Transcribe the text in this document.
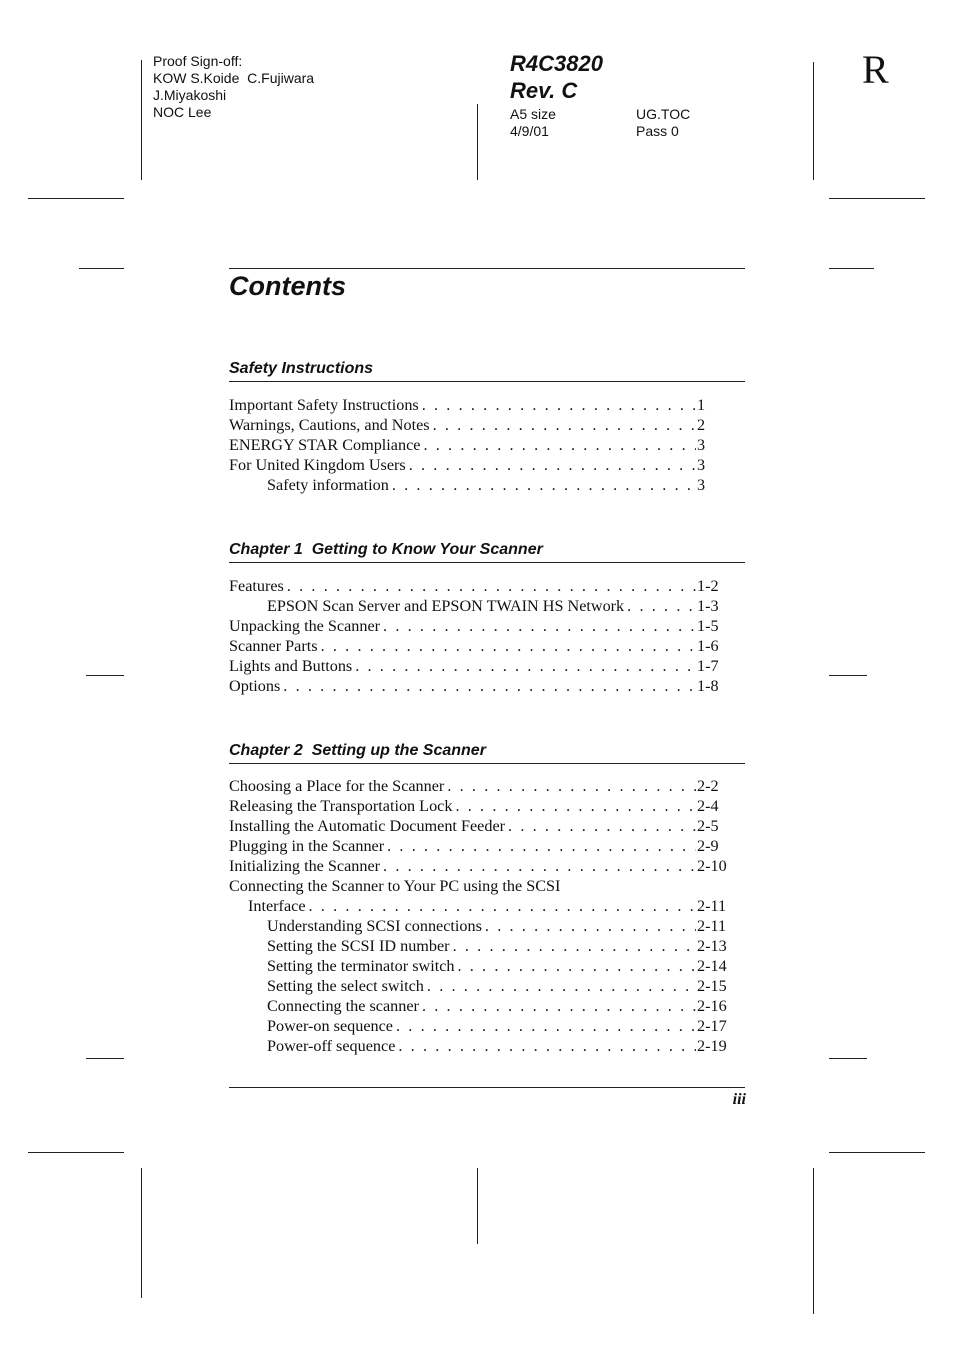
Proof Sign-off:
KOW S.Koide  C.Fujiwara
J.Miyakoshi
NOC Lee
R4C3820
Rev. C
A5 size	UG.TOC
4/9/01	Pass 0
R
Contents
Safety Instructions
Important Safety Instructions . . .	1
Warnings, Cautions, and Notes . . .	2
ENERGY STAR Compliance . . .	3
For United Kingdom Users . . .	3
Safety information . . .	3
Chapter 1  Getting to Know Your Scanner
Features . . .	1-2
EPSON Scan Server and EPSON TWAIN HS Network . . .	1-3
Unpacking the Scanner . . .	1-5
Scanner Parts . . .	1-6
Lights and Buttons . . .	1-7
Options . . .	1-8
Chapter 2  Setting up the Scanner
Choosing a Place for the Scanner . . .	2-2
Releasing the Transportation Lock . . .	2-4
Installing the Automatic Document Feeder . . .	2-5
Plugging in the Scanner . . .	2-9
Initializing the Scanner . . .	2-10
Connecting the Scanner to Your PC using the SCSI
Interface . . .	2-11
Understanding SCSI connections . . .	2-11
Setting the SCSI ID number . . .	2-13
Setting the terminator switch . . .	2-14
Setting the select switch . . .	2-15
Connecting the scanner . . .	2-16
Power-on sequence . . .	2-17
Power-off sequence . . .	2-19
iii
